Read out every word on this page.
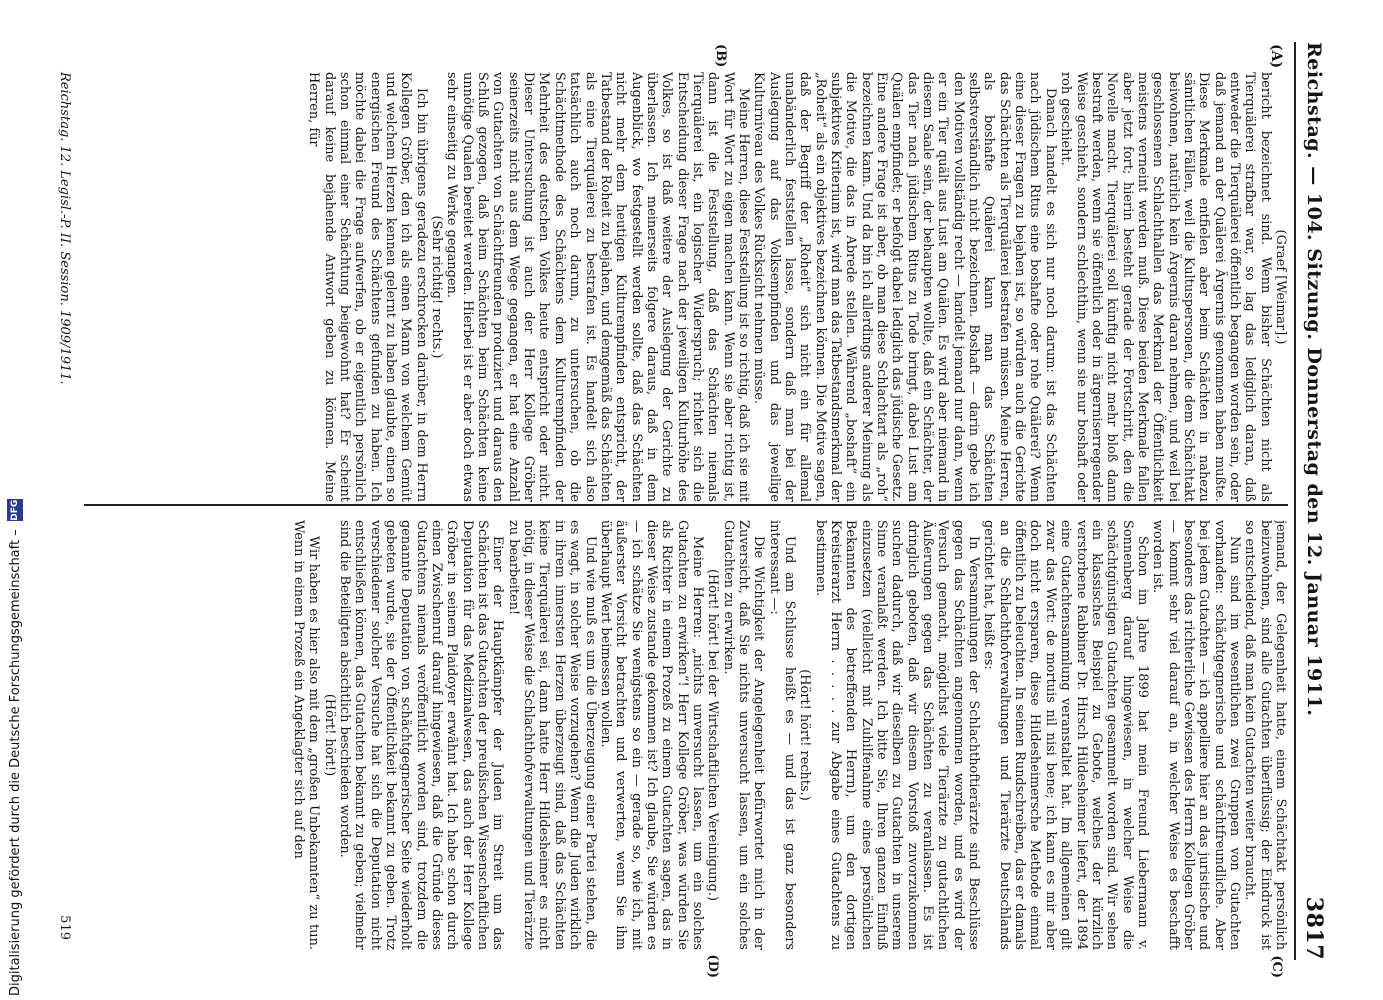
Reichstag. — 104. Sitzung. Donnerstag den 12. Januar 1911.
3817
(A)
(B)
(C)
(D)

(Graef [Weimar].)

bericht bezeichnet sind. Wenn bisher Schächten nicht als Tierquälerei strafbar war, so lag das lediglich daran, daß entweder die Tierquälerei öffentlich begangen worden sein, oder daß jemand an der Quälerei Ärgernis genommen haben mußte. Diese Merkmale entfielen aber beim Schächten in nahezu sämtlichen Fällen, weil die Kultuspersonen, die dem Schächtakt beiwohnen, natürlich kein Ärgernis daran nehmen, und weil bei geschlossenen Schlachthallen das Merkmal der Öffentlichkeit meistens verneint werden muß. Diese beiden Merkmale fallen aber jetzt fort; hierin besteht gerade der Fortschritt, den die Novelle macht. Tierquälerei soll künftig nicht mehr bloß dann bestraft werden, wenn sie öffentlich oder in ärgerniserregender Weise geschieht, sondern schlechthin, wenn sie nur boshaft oder roh geschieht.

Danach handelt es sich nur noch darum: ist das Schächten nach jüdischem Ritus eine boshafte oder rohe Quälerei? Wenn eine dieser Fragen zu bejahen ist, so würden auch die Gerichte das Schächten als Tierquälerei bestrafen müssen. Meine Herren, als boshafte Quälerei kann man das Schächten selbstverständlich nicht bezeichnen. Boshaft — darin gebe ich den Motiven vollständig recht — handelt jemand nur dann, wenn er ein Tier quält aus Lust am Quälen. Es wird aber niemand in diesem Saale sein, der behaupten wollte, daß ein Schächter, der das Tier nach jüdischem Ritus zu Tode bringt, dabei Lust am Quälen empfindet; er befolgt dabei lediglich das jüdische Gesetz. Eine andere Frage ist aber, ob man diese Schlachtart als „roh“ bezeichnen kann. Und da bin ich allerdings anderer Meinung als die Motive, die das in Abrede stellen. Während „boshaft“ ein subjektives Kriterium ist, wird man das Tatbestandsmerkmal der „Roheit“ als ein objektives bezeichnen können. Die Motive sagen, daß der Begriff der „Roheit“ sich nicht ein für allemal unabänderlich feststellen lasse, sondern daß man bei der Auslegung auf das Volksempfinden und das jeweilige Kulturniveau des Volkes Rücksicht nehmen müsse.

Meine Herren, diese Feststellung ist so richtig, daß ich sie mit Wort für Wort zu eigen machen kann. Wenn sie aber richtig ist, dann ist die Feststellung, daß das Schächten niemals Tierquälerei ist, ein logischer Widerspruch; richtet sich die Entscheidung dieser Frage nach der jeweiligen Kulturhöhe des Volkes, so ist daß weitere der Auslegung der Gerichte zu überlassen. Ich meinerseits folgere daraus, daß in dem Augenblick, wo festgestellt werden sollte, daß das Schächten nicht mehr dem heutigen Kulturempfinden entspricht, der Tatbestand der Roheit zu bejahen, und demgemäß das Schächten als eine Tierquälerei zu bestrafen ist. Es handelt sich also tatsächlich auch noch darum, zu untersuchen, ob die Schächtmethode des Schächtens dem Kulturempfinden der Mehrheit des deutschen Volkes heute entspricht oder nicht. Dieser Untersuchung ist auch der Herr Kollege Gröber seinerzeits nicht aus dem Wege gegangen, er hat eine Anzahl von Gutachten von Schächtfreunden produziert und daraus den Schluß gezogen, daß beim Schächten beim Schächten keine unnötige Qualen bereitet werden. Hierbei ist er aber doch etwas sehr einseitig zu Werke gegangen.

(Sehr richtig! rechts.)

Ich bin übrigens geradezu erschrocken darüber, in dem Herrn Kollegen Gröber, den ich als einen Mann von welchem Gemüt und welchem Herzen kennen gelernt zu haben glaubte, einen so energischen Freund des Schächtens gefunden zu haben. Ich möchte dabei die Frage aufwerfen, ob er eigentlich persönlich schon einmal einer Schächtung beigewohnt hat? Er scheint darauf keine bejahende Antwort geben zu können. Meine Herren, für

jemand, der Gelegenheit hatte, einem Schächtakt persönlich beizuwohnen, sind alle Gutachten überflüssig; der Eindruck ist so entscheidend, daß man kein Gutachten weiter braucht.

Nun sind im wesentlichen zwei Gruppen von Gutachten vorhanden: schächtgegnerische und schächtfreundliche. Aber bei jedem Gutachten — ich appelliere hier an das juristische und besonders das richterliche Gewissen des Herrn Kollegen Gröber — kommt sehr viel darauf an, in welcher Weise es beschafft worden ist.

Schon im Jahre 1899 hat mein Freund Liebermann v. Sonnenberg darauf hingewiesen, in welcher Weise die schächtgünstigen Gutachten gesammelt worden sind. Wir sehen ein klassisches Beispiel zu Gebote, welches der kürzlich verstorbene Rabbiner Dr. Hirsch Hildesheimer liefert, der 1894 eine Gutachtensammlung veranstaltet hat. Im allgemeinen gilt zwar das Wort: de mortuis nil nisi bene; ich kann es mir aber doch nicht ersparen, diese Hildesheimersche Methode einmal öffentlich zu beleuchten. In seinen Rundschreiben, das er damals an die Schlachthofverwaltungen und Tierärzte Deutschlands gerichtet hat, heißt es:

In Versammlungen der Schlachthoftierärzte sind Beschlüsse gegen das Schächten angenommen worden, und es wird der Versuch gemacht, möglichst viele Tierärzte zu gutachtlichen Äußerungen gegen das Schächten zu veranlassen. Es ist dringlich geboten, daß wir diesem Vorstoß zuvorzukommen suchen dadurch, daß wir dieselben zu Gutachten in unserem Sinne veranlaßt werden. Ich bitte Sie, Ihren ganzen Einfluß einzusetzen (vielleicht mit Zuhilfenahme eines persönlichen Bekannten des betreffenden Herrn), um den dortigen Kreistierarzt Herrn . . . . . zur Abgabe eines Gutachtens zu bestimmen.

(Hört! hört! rechts.)

Und am Schlusse heißt es — und das ist ganz besonders interessant —:

Die Wichtigkeit der Angelegenheit befürwortet mich in der Zuversicht, daß Sie nichts unversucht lassen, um ein solches Gutachten zu erwirken.

(Hört! hört! bei der Wirtschaftlichen Vereinigung.)

Meine Herren: „nichts unversucht lassen, um ein solches Gutachten zu erwirken“! Herr Kollege Gröber, was würden Sie als Richter in einem Prozeß zu einem Gutachten sagen, das in dieser Weise zustande gekommen ist? Ich glaube, Sie würden es — ich schätze Sie wenigstens so ein — gerade so, wie ich, mit äußerster Vorsicht betrachten und verwerten, wenn Sie ihm überhaupt Wert beimessen wollen.

Und wie muß es um die Überzeugung einer Partei stehen, die es wagt, in solcher Weise vorzugehen? Wenn die Juden wirklich in ihrem innersten Herzen überzeugt sind, daß das Schächten keine Tierquälerei sei, dann hatte Herr Hildesheimer es nicht nötig, in dieser Weise die Schlachthofverwaltungen und Tierärzte zu bearbeiten!

Einer der Hauptkämpfer der Juden im Streit um das Schächten ist das Gutachten der preußischen Wissenschaftlichen Deputation für das Medizinalwesen, das auch der Herr Kollege Gröber in seinem Plaidoyer erwähnt hat. Ich habe schon durch einen Zwischenruf darauf hingewiesen, daß die Gründe dieses Gutachtens niemals veröffentlicht worden sind, trotzdem die genannte Deputation von schächtgegnerischer Seite wiederholt gebeten wurde, sie der Öffentlichkeit bekannt zu geben. Trotz verschiedener solcher Versuche hat sich die Deputation nicht entschließen können, das Gutachten bekannt zu geben; vielmehr sind die Beteiligten absichtlich beschieden worden.

(Hört! hört!)

Wir haben es hier also mit dem „großen Unbekannten“ zu tun. Wenn in einem Prozeß ein Angeklagter sich auf den

Reichstag. 12. Legisl.-P. II. Session. 1909/1911.
519
Digitalisierung gefördert durch die Deutsche Forschungsgemeinschaft –
DFG
